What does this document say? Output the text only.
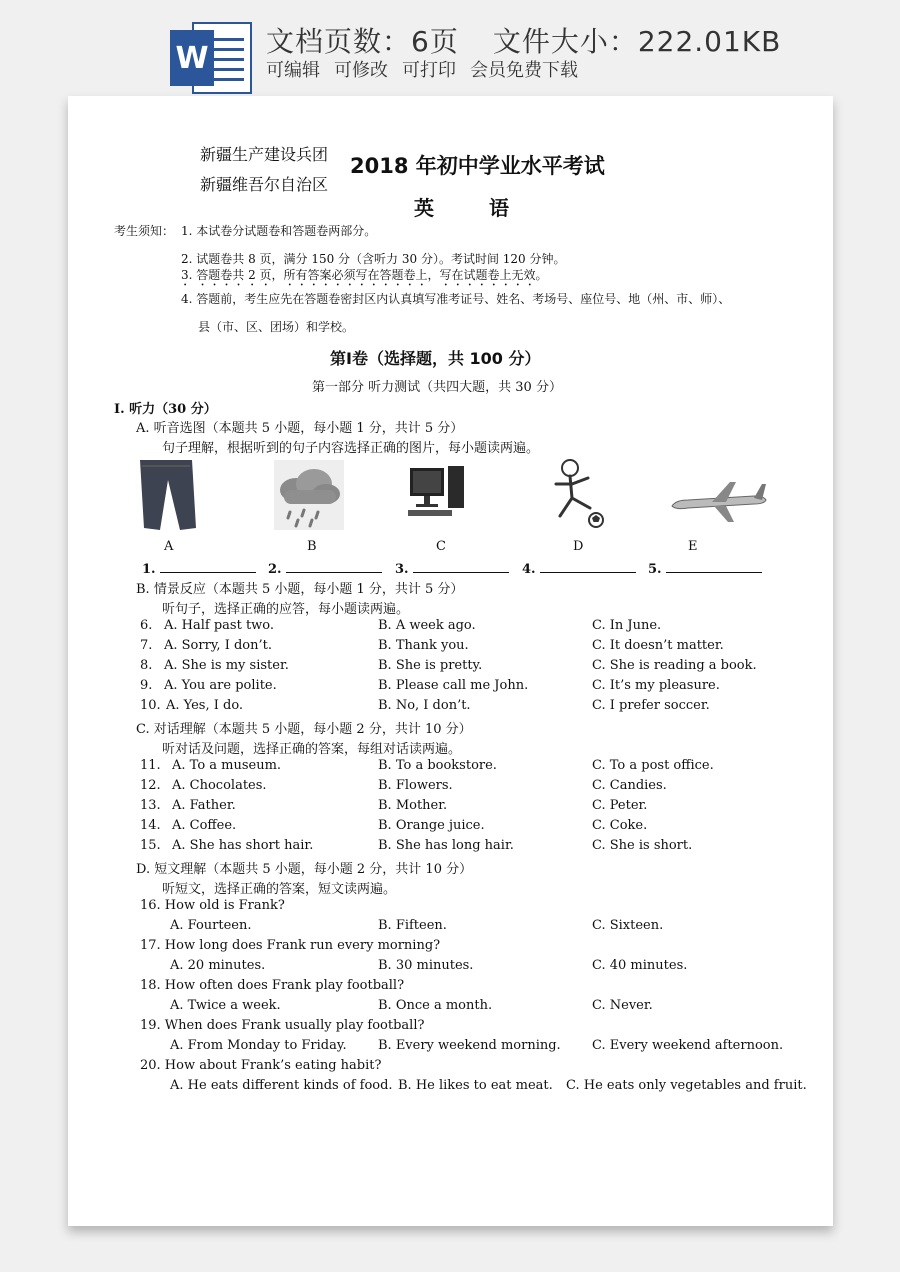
W 文档页数：6页 文件大小：222.01KB
可编辑 可修改 可打印 会员免费下载
新疆生产建设兵团
新疆维吾尔自治区
2018 年初中学业水平考试
英 语
考生须知： 1. 本试卷分试题卷和答题卷两部分。
2. 试题卷共 8 页，满分 150 分（含听力 30 分）。考试时间 120 分钟。
3. 答题卷共 2 页，所有答案必须写在答题卷上，写在试题卷上无效。
4. 答题前，考生应先在答题卷密封区内认真填写准考证号、姓名、考场号、座位号、地（州、市、师）、
县（市、区、团场）和学校。
第Ⅰ卷（选择题，共 100 分）
第一部分 听力测试（共四大题，共 30 分）
I. 听力（30 分）
A. 听音选图（本题共 5 小题，每小题 1 分，共计 5 分）
句子理解，根据听到的句子内容选择正确的图片，每小题读两遍。
A	B	C	D	E
1.	2.	3.	4.	5.
B. 情景反应（本题共 5 小题，每小题 1 分，共计 5 分）
听句子，选择正确的应答，每小题读两遍。
6. A. Half past two.	B. A week ago.	C. In June.
7. A. Sorry, I don’t.	B. Thank you.	C. It doesn’t matter.
8. A. She is my sister.	B. She is pretty.	C. She is reading a book.
9. A. You are polite.	B. Please call me John.	C. It’s my pleasure.
10. A. Yes, I do.	B. No, I don’t.	C. I prefer soccer.
C. 对话理解（本题共 5 小题，每小题 2 分，共计 10 分）
听对话及问题，选择正确的答案，每组对话读两遍。
11. A. To a museum.	B. To a bookstore.	C. To a post office.
12. A. Chocolates.	B. Flowers.	C. Candies.
13. A. Father.	B. Mother.	C. Peter.
14. A. Coffee.	B. Orange juice.	C. Coke.
15. A. She has short hair.	B. She has long hair.	C. She is short.
D. 短文理解（本题共 5 小题，每小题 2 分，共计 10 分）
听短文，选择正确的答案，短文读两遍。
16. How old is Frank?
A. Fourteen.	B. Fifteen.	C. Sixteen.
17. How long does Frank run every morning?
A. 20 minutes.	B. 30 minutes.	C. 40 minutes.
18. How often does Frank play football?
A. Twice a week.	B. Once a month.	C. Never.
19. When does Frank usually play football?
A. From Monday to Friday. B. Every weekend morning. C. Every weekend afternoon.
20. How about Frank’s eating habit?
A. He eats different kinds of food. B. He likes to eat meat. C. He eats only vegetables and fruit.
